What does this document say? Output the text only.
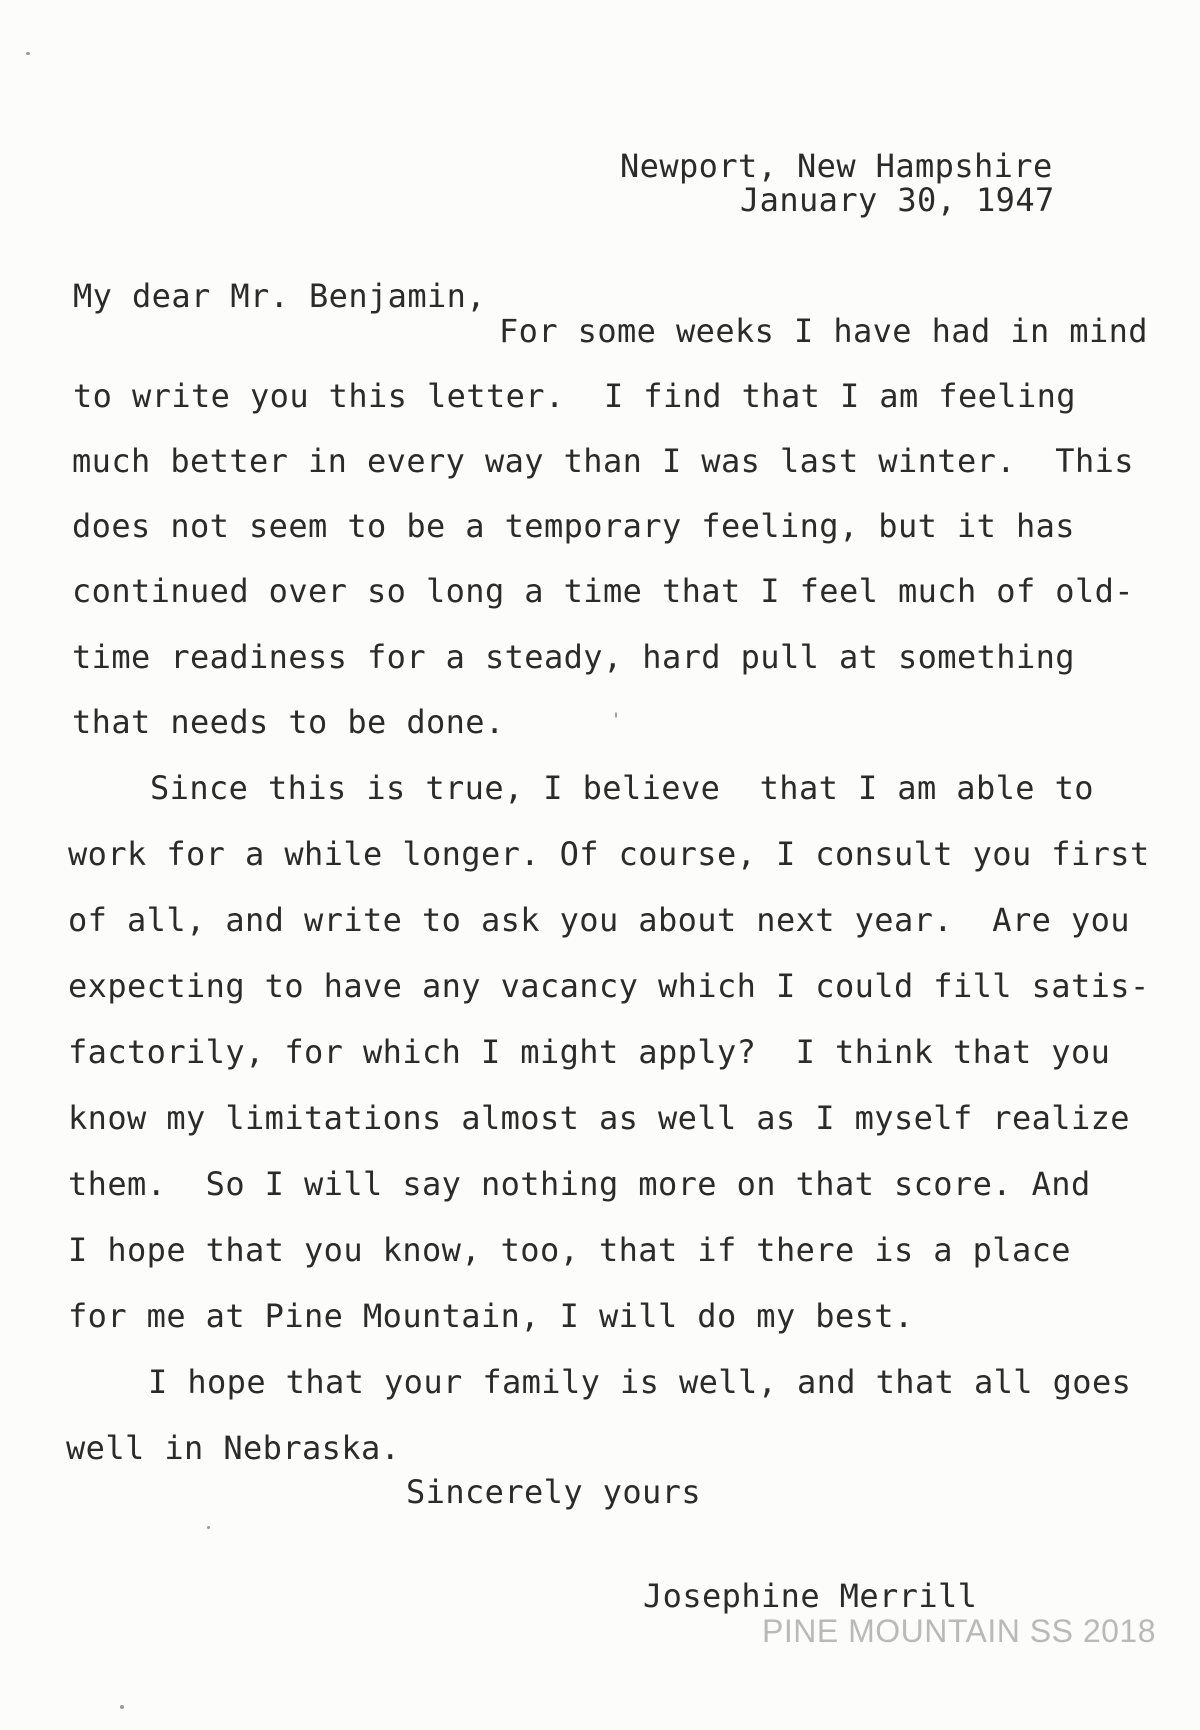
Newport, New Hampshire
January 30, 1947
My dear Mr. Benjamin,
For some weeks I have had in mind
to write you this letter.  I find that I am feeling
much better in every way than I was last winter.  This
does not seem to be a temporary feeling, but it has
continued over so long a time that I feel much of old-
time readiness for a steady, hard pull at something
that needs to be done.
Since this is true, I believe  that I am able to
work for a while longer. Of course, I consult you first
of all, and write to ask you about next year.  Are you
expecting to have any vacancy which I could fill satis-
factorily, for which I might apply?  I think that you
know my limitations almost as well as I myself realize
them.  So I will say nothing more on that score. And
I hope that you know, too, that if there is a place
for me at Pine Mountain, I will do my best.
I hope that your family is well, and that all goes
well in Nebraska.
Sincerely yours
Josephine Merrill
PINE MOUNTAIN SS 2018
